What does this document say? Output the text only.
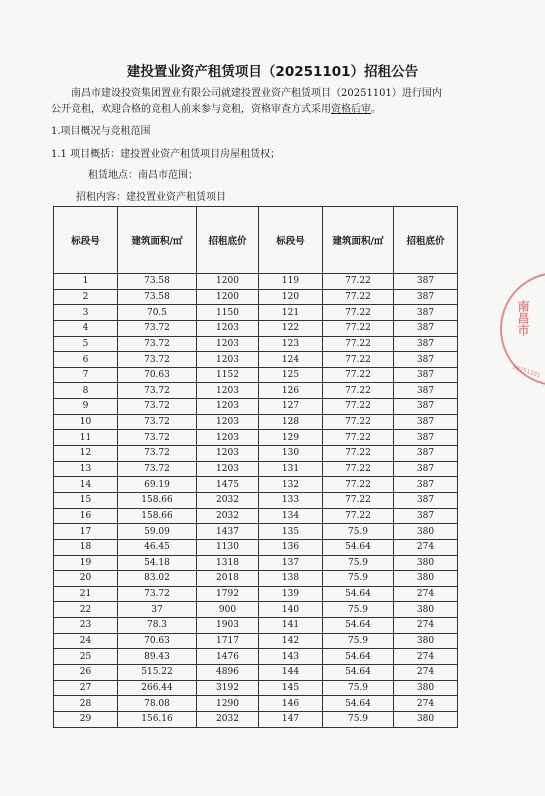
建投置业资产租赁项目（20251101）招租公告
南昌市建设投资集团置业有限公司就建投置业资产租赁项目（20251101）进行国内
公开竞租，欢迎合格的竞租人前来参与竞租，资格审查方式采用资格后审。
1.项目概况与竞租范围
1.1 项目概括：建投置业资产租赁项目房屋租赁权；
租赁地点：南昌市范围；
招租内容：建投置业资产租赁项目
标段号	建筑面积/㎡	招租底价	标段号	建筑面积/㎡	招租底价
1	73.58	1200	119	77.22	387
2	73.58	1200	120	77.22	387
3	70.5	1150	121	77.22	387
4	73.72	1203	122	77.22	387
5	73.72	1203	123	77.22	387
6	73.72	1203	124	77.22	387
7	70.63	1152	125	77.22	387
8	73.72	1203	126	77.22	387
9	73.72	1203	127	77.22	387
10	73.72	1203	128	77.22	387
11	73.72	1203	129	77.22	387
12	73.72	1203	130	77.22	387
13	73.72	1203	131	77.22	387
14	69.19	1475	132	77.22	387
15	158.66	2032	133	77.22	387
16	158.66	2032	134	77.22	387
17	59.09	1437	135	75.9	380
18	46.45	1130	136	54.64	274
19	54.18	1318	137	75.9	380
20	83.02	2018	138	75.9	380
21	73.72	1792	139	54.64	274
22	37	900	140	75.9	380
23	78.3	1903	141	54.64	274
24	70.63	1717	142	75.9	380
25	89.43	1476	143	54.64	274
26	515.22	4896	144	54.64	274
27	266.44	3192	145	75.9	380
28	78.08	1290	146	54.64	274
29	156.16	2032	147	75.9	380
南昌市
20251101
